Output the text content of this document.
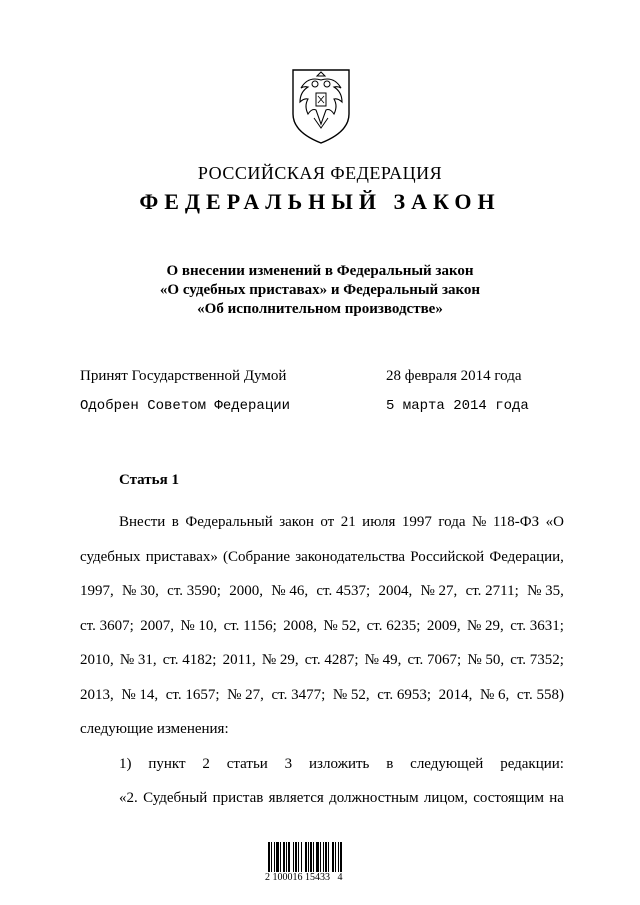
РОССИЙСКАЯ ФЕДЕРАЦИЯ
ФЕДЕРАЛЬНЫЙ ЗАКОН
О внесении изменений в Федеральный закон
«О судебных приставах» и Федеральный закон
«Об исполнительном производстве»
Принят Государственной Думой	28 февраля 2014 года
Одобрен Советом Федерации	5 марта 2014 года
Статья 1
Внести в Федеральный закон от 21 июля 1997 года № 118-ФЗ «О
судебных приставах» (Собрание законодательства Российской Федерации,
1997, № 30, ст. 3590; 2000, № 46, ст. 4537; 2004, № 27, ст. 2711; № 35,
ст. 3607; 2007, № 10, ст. 1156; 2008, № 52, ст. 6235; 2009, № 29, ст. 3631;
2010, № 31, ст. 4182; 2011, № 29, ст. 4287; № 49, ст. 7067; № 50, ст. 7352;
2013, № 14, ст. 1657; № 27, ст. 3477; № 52, ст. 6953; 2014, № 6, ст. 558)
следующие изменения:
1) пункт 2 статьи 3 изложить в следующей редакции:
«2. Судебный пристав является должностным лицом, состоящим на
2 100016 15433   4
